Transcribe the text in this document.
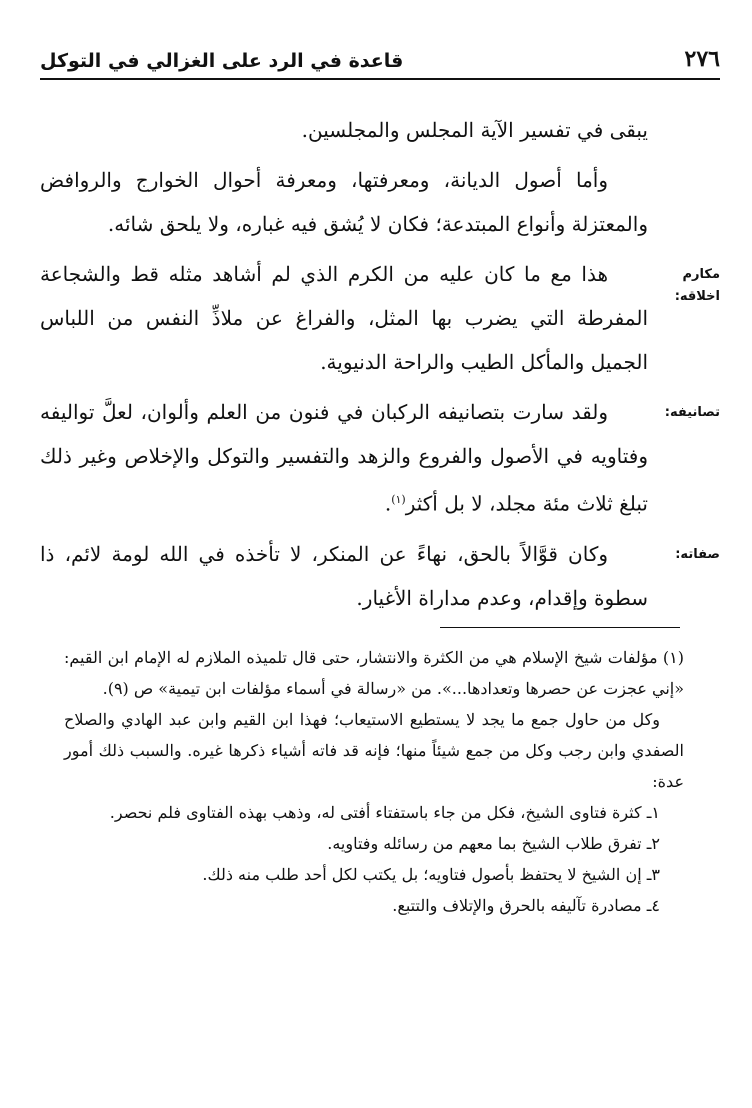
٢٧٦
قاعدة في الرد على الغزالي في التوكل
يبقى في تفسير الآية المجلس والمجلسين.
وأما أصول الديانة، ومعرفتها، ومعرفة أحوال الخوارج والروافض والمعتزلة وأنواع المبتدعة؛ فكان لا يُشق فيه غباره، ولا يلحق شائه.
مكارم اخلاقه:
هذا مع ما كان عليه من الكرم الذي لم أشاهد مثله قط والشجاعة المفرطة التي يضرب بها المثل، والفراغ عن ملاذِّ النفس من اللباس الجميل والمأكل الطيب والراحة الدنيوية.
تصانيفه:
ولقد سارت بتصانيفه الركبان في فنون من العلم وألوان، لعلَّ تواليفه وفتاويه في الأصول والفروع والزهد والتفسير والتوكل والإخلاص وغير ذلك تبلغ ثلاث مئة مجلد، لا بل أكثر$^{(١)}$.
صفاته:
وكان قوَّالاً بالحق، نهاءً عن المنكر، لا تأخذه في الله لومة لائم، ذا سطوة وإقدام، وعدم مداراة الأغيار.

(١) مؤلفات شيخ الإسلام هي من الكثرة والانتشار، حتى قال تلميذه الملازم له الإمام ابن القيم: «إني عجزت عن حصرها وتعدادها...». من «رسالة في أسماء مؤلفات ابن تيمية» ص (٩).

وكل من حاول جمع ما يجد لا يستطيع الاستيعاب؛ فهذا ابن القيم وابن عبد الهادي والصلاح الصفدي وابن رجب وكل من جمع شيئاً منها؛ فإنه قد فاته أشياء ذكرها غيره. والسبب ذلك أمور عدة:

١ـ كثرة فتاوى الشيخ، فكل من جاء باستفتاء أفتى له، وذهب بهذه الفتاوى فلم نحصر.

٢ـ تفرق طلاب الشيخ بما معهم من رسائله وفتاويه.

٣ـ إن الشيخ لا يحتفظ بأصول فتاويه؛ بل يكتب لكل أحد طلب منه ذلك.

٤ـ مصادرة تآليفه بالحرق والإتلاف والتتبع.
